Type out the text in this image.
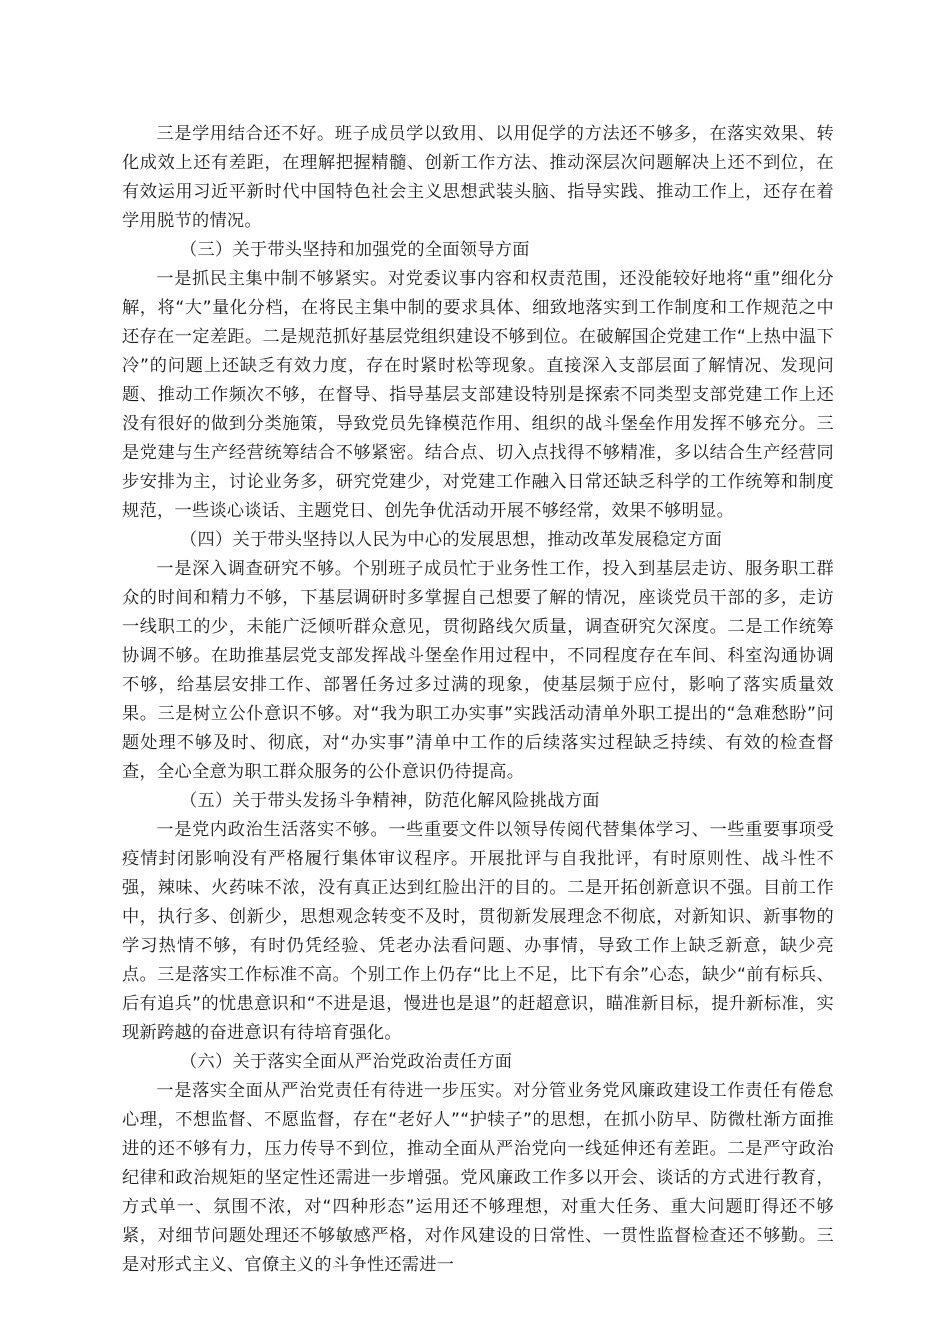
三是学用结合还不好。班子成员学以致用、以用促学的方法还不够多，在落实效果、转化成效上还有差距，在理解把握精髓、创新工作方法、推动深层次问题解决上还不到位，在有效运用习近平新时代中国特色社会主义思想武装头脑、指导实践、推动工作上，还存在着学用脱节的情况。

（三）关于带头坚持和加强党的全面领导方面

一是抓民主集中制不够紧实。对党委议事内容和权责范围，还没能较好地将“重”细化分解，将“大”量化分档，在将民主集中制的要求具体、细致地落实到工作制度和工作规范之中还存在一定差距。二是规范抓好基层党组织建设不够到位。在破解国企党建工作“上热中温下冷”的问题上还缺乏有效力度，存在时紧时松等现象。直接深入支部层面了解情况、发现问题、推动工作频次不够，在督导、指导基层支部建设特别是探索不同类型支部党建工作上还没有很好的做到分类施策，导致党员先锋模范作用、组织的战斗堡垒作用发挥不够充分。三是党建与生产经营统筹结合不够紧密。结合点、切入点找得不够精准，多以结合生产经营同步安排为主，讨论业务多，研究党建少，对党建工作融入日常还缺乏科学的工作统筹和制度规范，一些谈心谈话、主题党日、创先争优活动开展不够经常，效果不够明显。

（四）关于带头坚持以人民为中心的发展思想，推动改革发展稳定方面

一是深入调查研究不够。个别班子成员忙于业务性工作，投入到基层走访、服务职工群众的时间和精力不够，下基层调研时多掌握自己想要了解的情况，座谈党员干部的多，走访一线职工的少，未能广泛倾听群众意见，贯彻路线欠质量，调查研究欠深度。二是工作统筹协调不够。在助推基层党支部发挥战斗堡垒作用过程中，不同程度存在车间、科室沟通协调不够，给基层安排工作、部署任务过多过满的现象，使基层频于应付，影响了落实质量效果。三是树立公仆意识不够。对“我为职工办实事”实践活动清单外职工提出的“急难愁盼”问题处理不够及时、彻底，对“办实事”清单中工作的后续落实过程缺乏持续、有效的检查督查，全心全意为职工群众服务的公仆意识仍待提高。

（五）关于带头发扬斗争精神，防范化解风险挑战方面

一是党内政治生活落实不够。一些重要文件以领导传阅代替集体学习、一些重要事项受疫情封闭影响没有严格履行集体审议程序。开展批评与自我批评，有时原则性、战斗性不强，辣味、火药味不浓，没有真正达到红脸出汗的目的。二是开拓创新意识不强。目前工作中，执行多、创新少，思想观念转变不及时，贯彻新发展理念不彻底，对新知识、新事物的学习热情不够，有时仍凭经验、凭老办法看问题、办事情，导致工作上缺乏新意，缺少亮点。三是落实工作标准不高。个别工作上仍存“比上不足，比下有余”心态，缺少“前有标兵、后有追兵”的忧患意识和“不进是退，慢进也是退”的赶超意识，瞄准新目标，提升新标准，实现新跨越的奋进意识有待培育强化。

（六）关于落实全面从严治党政治责任方面

一是落实全面从严治党责任有待进一步压实。对分管业务党风廉政建设工作责任有倦怠心理，不想监督、不愿监督，存在“老好人”“护犊子”的思想，在抓小防早、防微杜渐方面推进的还不够有力，压力传导不到位，推动全面从严治党向一线延伸还有差距。二是严守政治纪律和政治规矩的坚定性还需进一步增强。党风廉政工作多以开会、谈话的方式进行教育，方式单一、氛围不浓，对“四种形态”运用还不够理想，对重大任务、重大问题盯得还不够紧，对细节问题处理还不够敏感严格，对作风建设的日常性、一贯性监督检查还不够勤。三是对形式主义、官僚主义的斗争性还需进一
